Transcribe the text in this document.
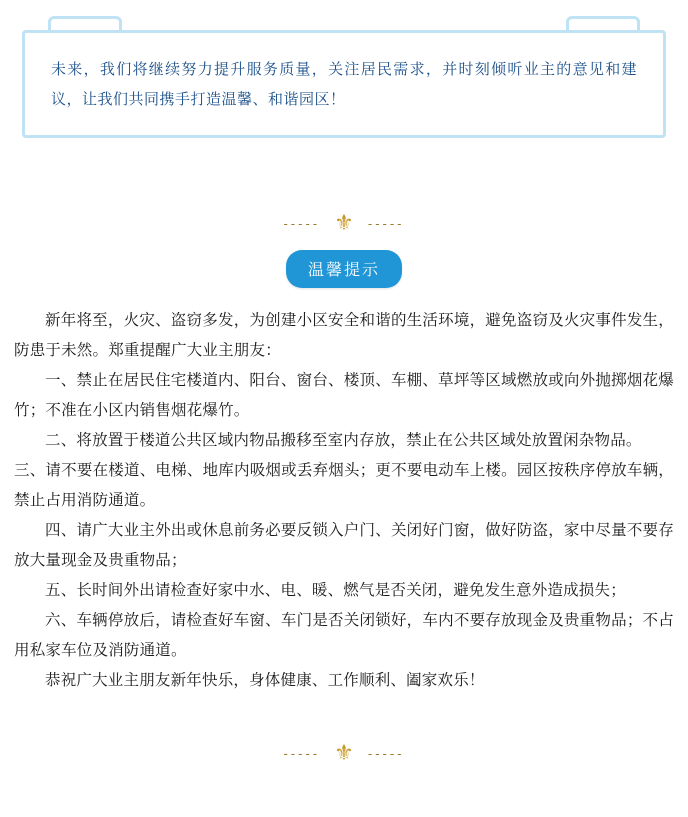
未来，我们将继续努力提升服务质量，关注居民需求，并时刻倾听业主的意见和建议，让我们共同携手打造温馨、和谐园区！
----- ⚜ -----
温馨提示

新年将至，火灾、盗窃多发，为创建小区安全和谐的生活环境，避免盗窃及火灾事件发生，防患于未然。郑重提醒广大业主朋友：

一、禁止在居民住宅楼道内、阳台、窗台、楼顶、车棚、草坪等区域燃放或向外抛掷烟花爆竹；不准在小区内销售烟花爆竹。

二、将放置于楼道公共区域内物品搬移至室内存放，禁止在公共区域处放置闲杂物品。

三、请不要在楼道、电梯、地库内吸烟或丢弃烟头；更不要电动车上楼。园区按秩序停放车辆，禁止占用消防通道。

四、请广大业主外出或休息前务必要反锁入户门、关闭好门窗，做好防盗，家中尽量不要存放大量现金及贵重物品；

五、长时间外出请检查好家中水、电、暖、燃气是否关闭，避免发生意外造成损失；

六、车辆停放后，请检查好车窗、车门是否关闭锁好，车内不要存放现金及贵重物品；不占用私家车位及消防通道。

恭祝广大业主朋友新年快乐，身体健康、工作顺利、阖家欢乐！

----- ⚜ -----
